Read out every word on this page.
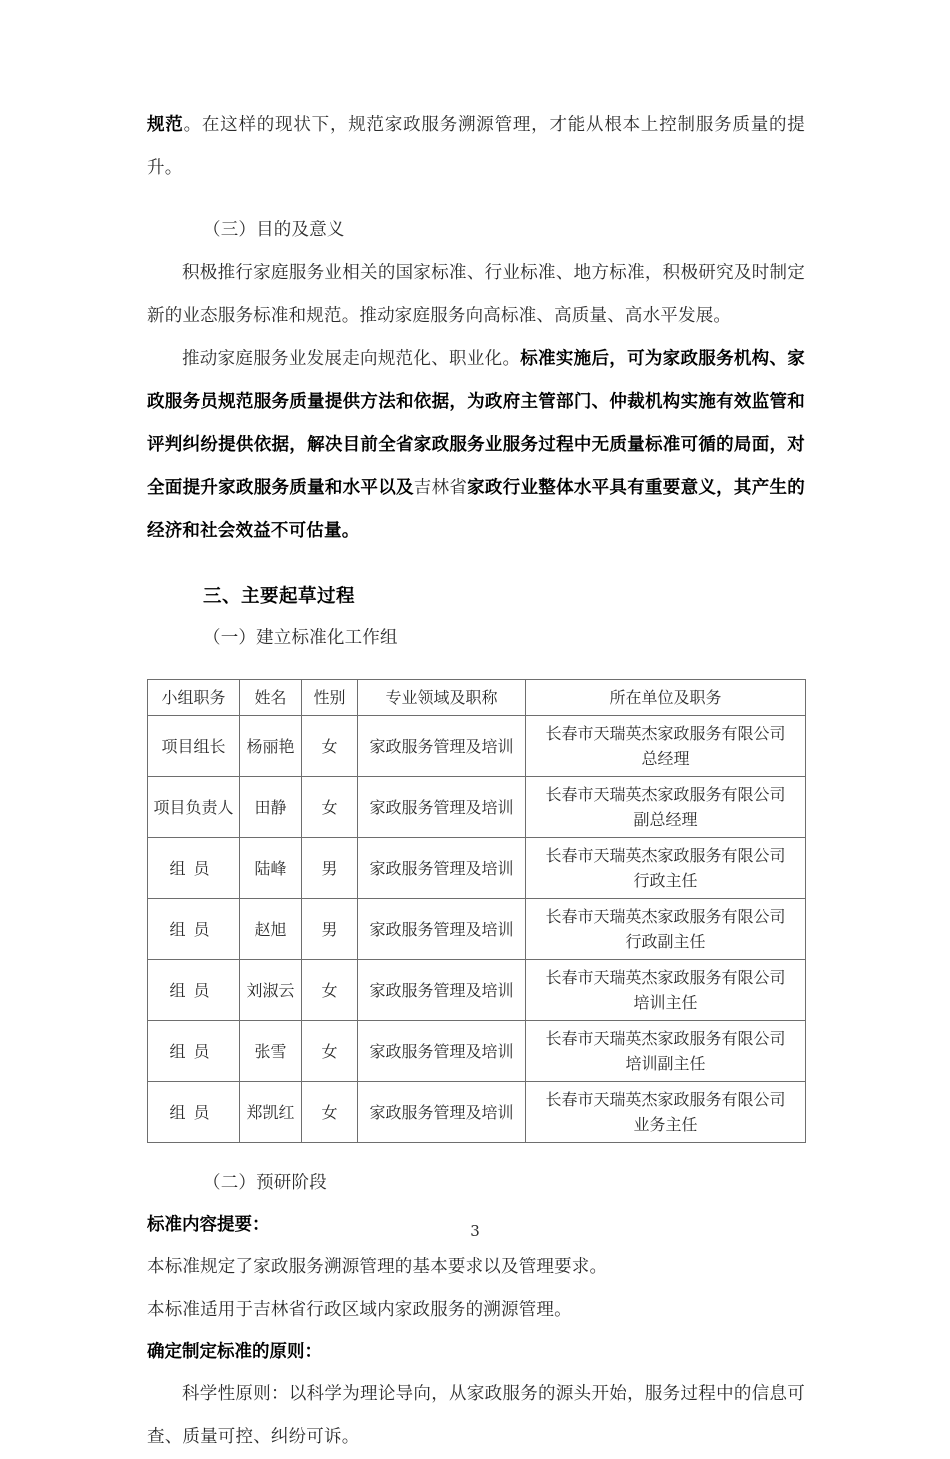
规范。在这样的现状下，规范家政服务溯源管理，才能从根本上控制服务质量的提升。

（三）目的及意义

积极推行家庭服务业相关的国家标准、行业标准、地方标准，积极研究及时制定新的业态服务标准和规范。推动家庭服务向高标准、高质量、高水平发展。

推动家庭服务业发展走向规范化、职业化。标准实施后，可为家政服务机构、家政服务员规范服务质量提供方法和依据，为政府主管部门、仲裁机构实施有效监管和评判纠纷提供依据，解决目前全省家政服务业服务过程中无质量标准可循的局面，对全面提升家政服务质量和水平以及吉林省家政行业整体水平具有重要意义，其产生的经济和社会效益不可估量。

三、主要起草过程

（一）建立标准化工作组

小组职务	姓名	性别	专业领域及职称	所在单位及职务
项目组长	杨丽艳	女	家政服务管理及培训	长春市天瑞英杰家政服务有限公司
总经理
项目负责人	田静	女	家政服务管理及培训	长春市天瑞英杰家政服务有限公司
副总经理
组员	陆峰	男	家政服务管理及培训	长春市天瑞英杰家政服务有限公司
行政主任
组员	赵旭	男	家政服务管理及培训	长春市天瑞英杰家政服务有限公司
行政副主任
组员	刘淑云	女	家政服务管理及培训	长春市天瑞英杰家政服务有限公司
培训主任
组员	张雪	女	家政服务管理及培训	长春市天瑞英杰家政服务有限公司
培训副主任
组员	郑凯红	女	家政服务管理及培训	长春市天瑞英杰家政服务有限公司
业务主任

（二）预研阶段

标准内容提要：

本标准规定了家政服务溯源管理的基本要求以及管理要求。

本标准适用于吉林省行政区域内家政服务的溯源管理。

确定制定标准的原则：

科学性原则：以科学为理论导向，从家政服务的源头开始，服务过程中的信息可查、质量可控、纠纷可诉。

3
